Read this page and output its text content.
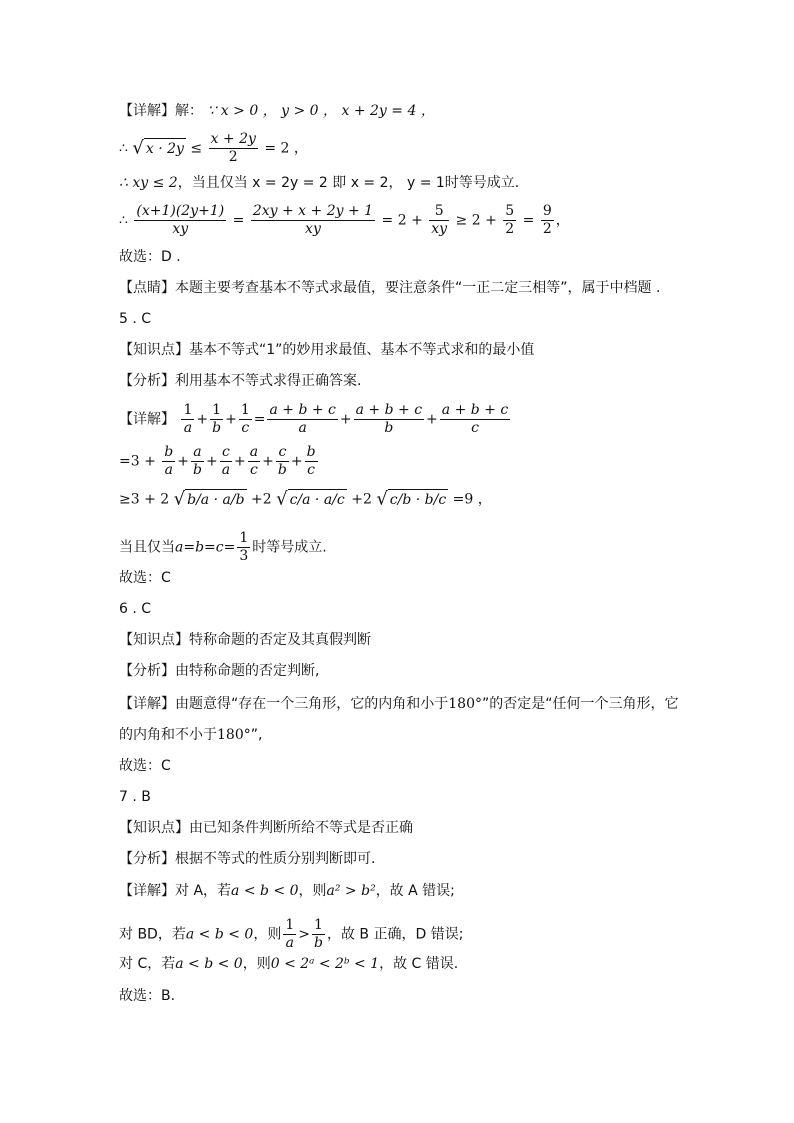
【详解】解： ∵ x > 0 ， y > 0 ， x + 2y = 4 ，
∴ √ $x \cdot 2y \le \frac{x + 2y}{2} = 2$ ，
∴ xy ≤ 2，当且仅当 x = 2y = 2 即 x = 2， y = 1时等号成立.
∴ $\frac{(x+1)(2y+1)}{xy} = \frac{2xy + x + 2y + 1}{xy} = 2 + \frac{5}{xy} \ge 2 + \frac{5}{2} = \frac{9}{2}$ ，
故选：D .
【点睛】本题主要考查基本不等式求最值，要注意条件“一正二定三相等”，属于中档题 .
5 . C
【知识点】基本不等式“1”的妙用求最值、基本不等式求和的最小值
【分析】利用基本不等式求得正确答案.
【详解】 $\frac{1}{a} + \frac{1}{b} + \frac{1}{c} = \frac{a + b + c}{a} + \frac{a + b + c}{b} + \frac{a + b + c}{c}$
$=3 + \frac{b}{a} + \frac{a}{b} + \frac{c}{a} + \frac{a}{c} + \frac{c}{b} + \frac{b}{c}$
≥3 + 2 √ b/a · a/b +2 √ c/a · a/c +2 √ c/b · b/c =9 ，
当且仅当$a=b=c= \frac{1}{3}$ 时等号成立.
故选：C
6 . C
【知识点】特称命题的否定及其真假判断
【分析】由特称命题的否定判断,
【详解】由题意得“存在一个三角形，它的内角和小于180°”的否定是“任何一个三角形，它
的内角和不小于180°”,
故选：C
7 . B
【知识点】由已知条件判断所给不等式是否正确
【分析】根据不等式的性质分别判断即可.
【详解】对 A，若a < b < 0，则a² > b²，故 A 错误;
对 BD，若a < b < 0，则 $\frac{1}{a} > \frac{1}{b}$ ，故 B 正确，D 错误;
对 C，若a < b < 0，则0 < 2ᵃ < 2ᵇ < 1，故 C 错误.
故选：B.
